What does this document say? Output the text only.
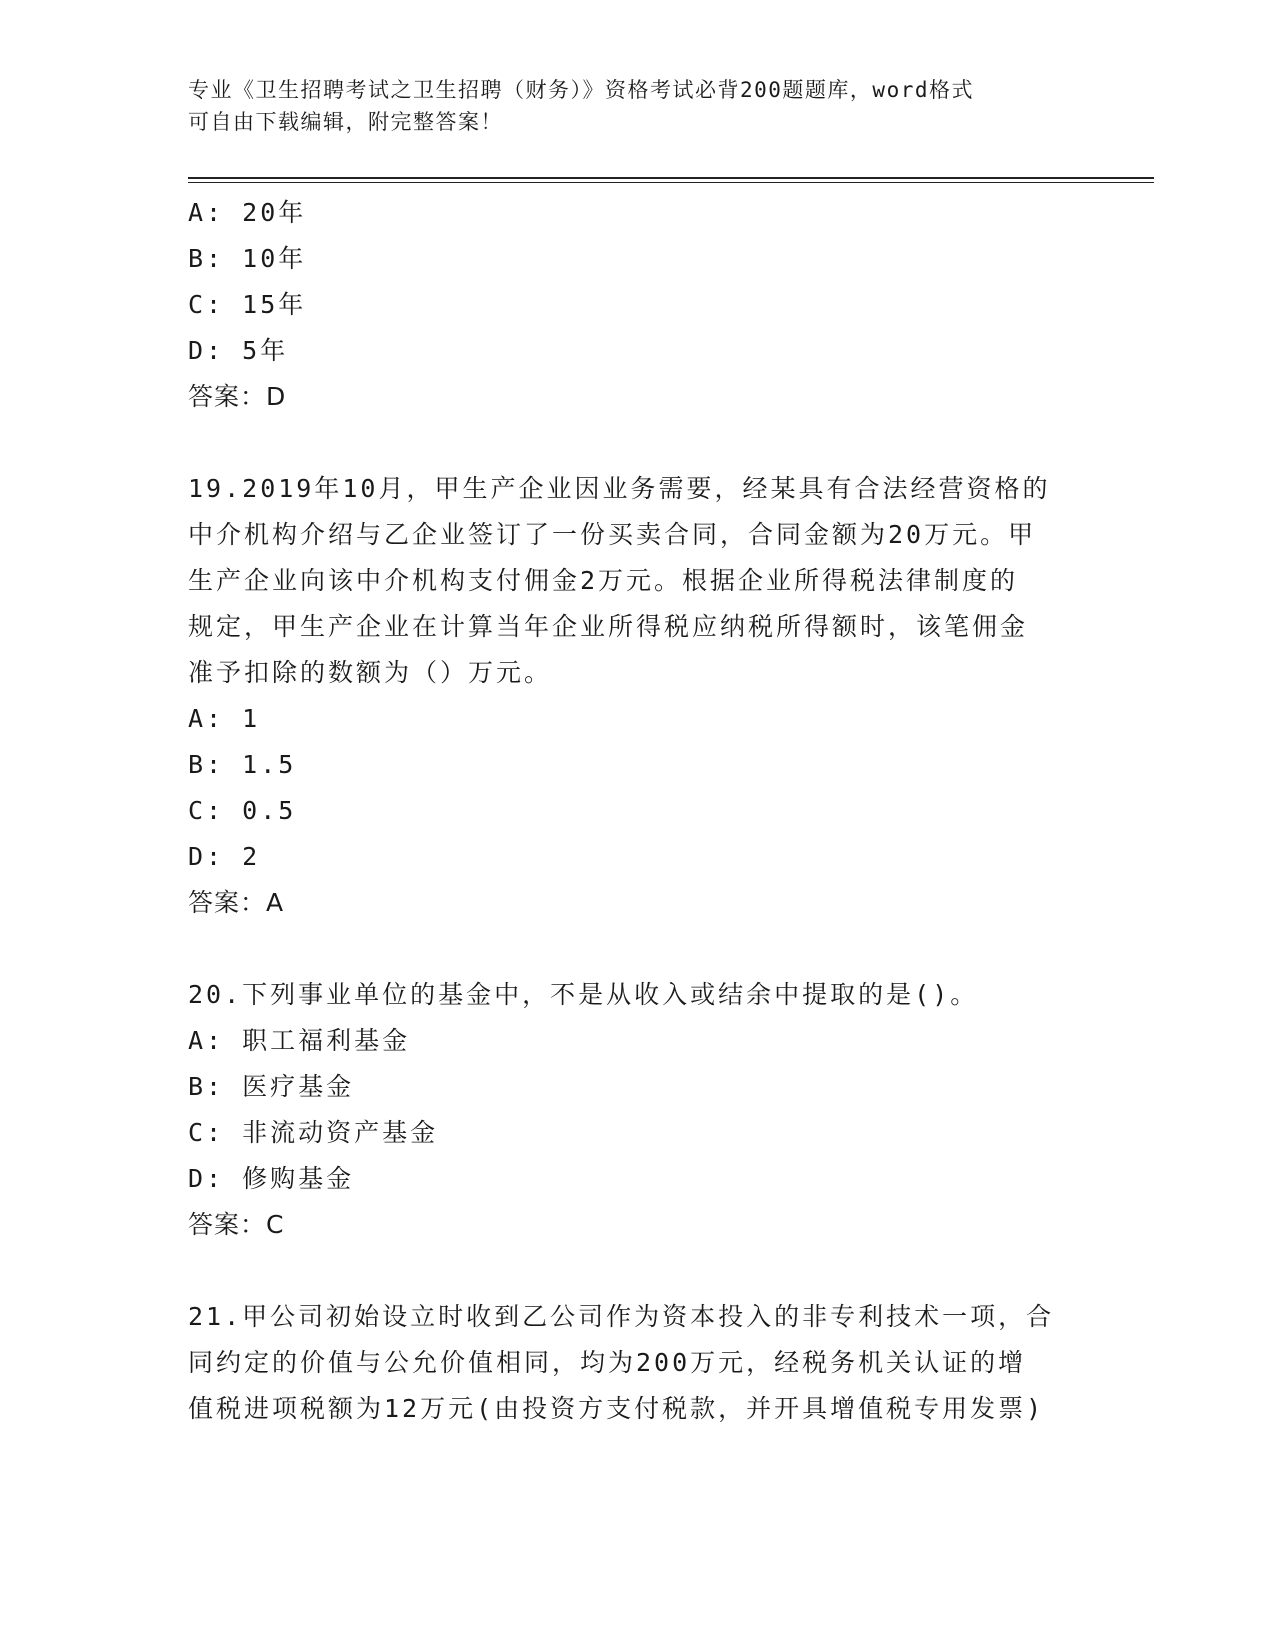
专业《卫生招聘考试之卫生招聘（财务）》资格考试必背200题题库，word格式
可自由下载编辑，附完整答案！
A: 20年
B: 10年
C: 15年
D: 5年
答案：D
19.2019年10月，甲生产企业因业务需要，经某具有合法经营资格的
中介机构介绍与乙企业签订了一份买卖合同，合同金额为20万元。甲
生产企业向该中介机构支付佣金2万元。根据企业所得税法律制度的
规定，甲生产企业在计算当年企业所得税应纳税所得额时，该笔佣金
准予扣除的数额为（）万元。
A: 1
B: 1.5
C: 0.5
D: 2
答案：A
20.下列事业单位的基金中，不是从收入或结余中提取的是()。
A: 职工福利基金
B: 医疗基金
C: 非流动资产基金
D: 修购基金
答案：C
21.甲公司初始设立时收到乙公司作为资本投入的非专利技术一项，合
同约定的价值与公允价值相同，均为200万元，经税务机关认证的增
值税进项税额为12万元(由投资方支付税款，并开具增值税专用发票)
